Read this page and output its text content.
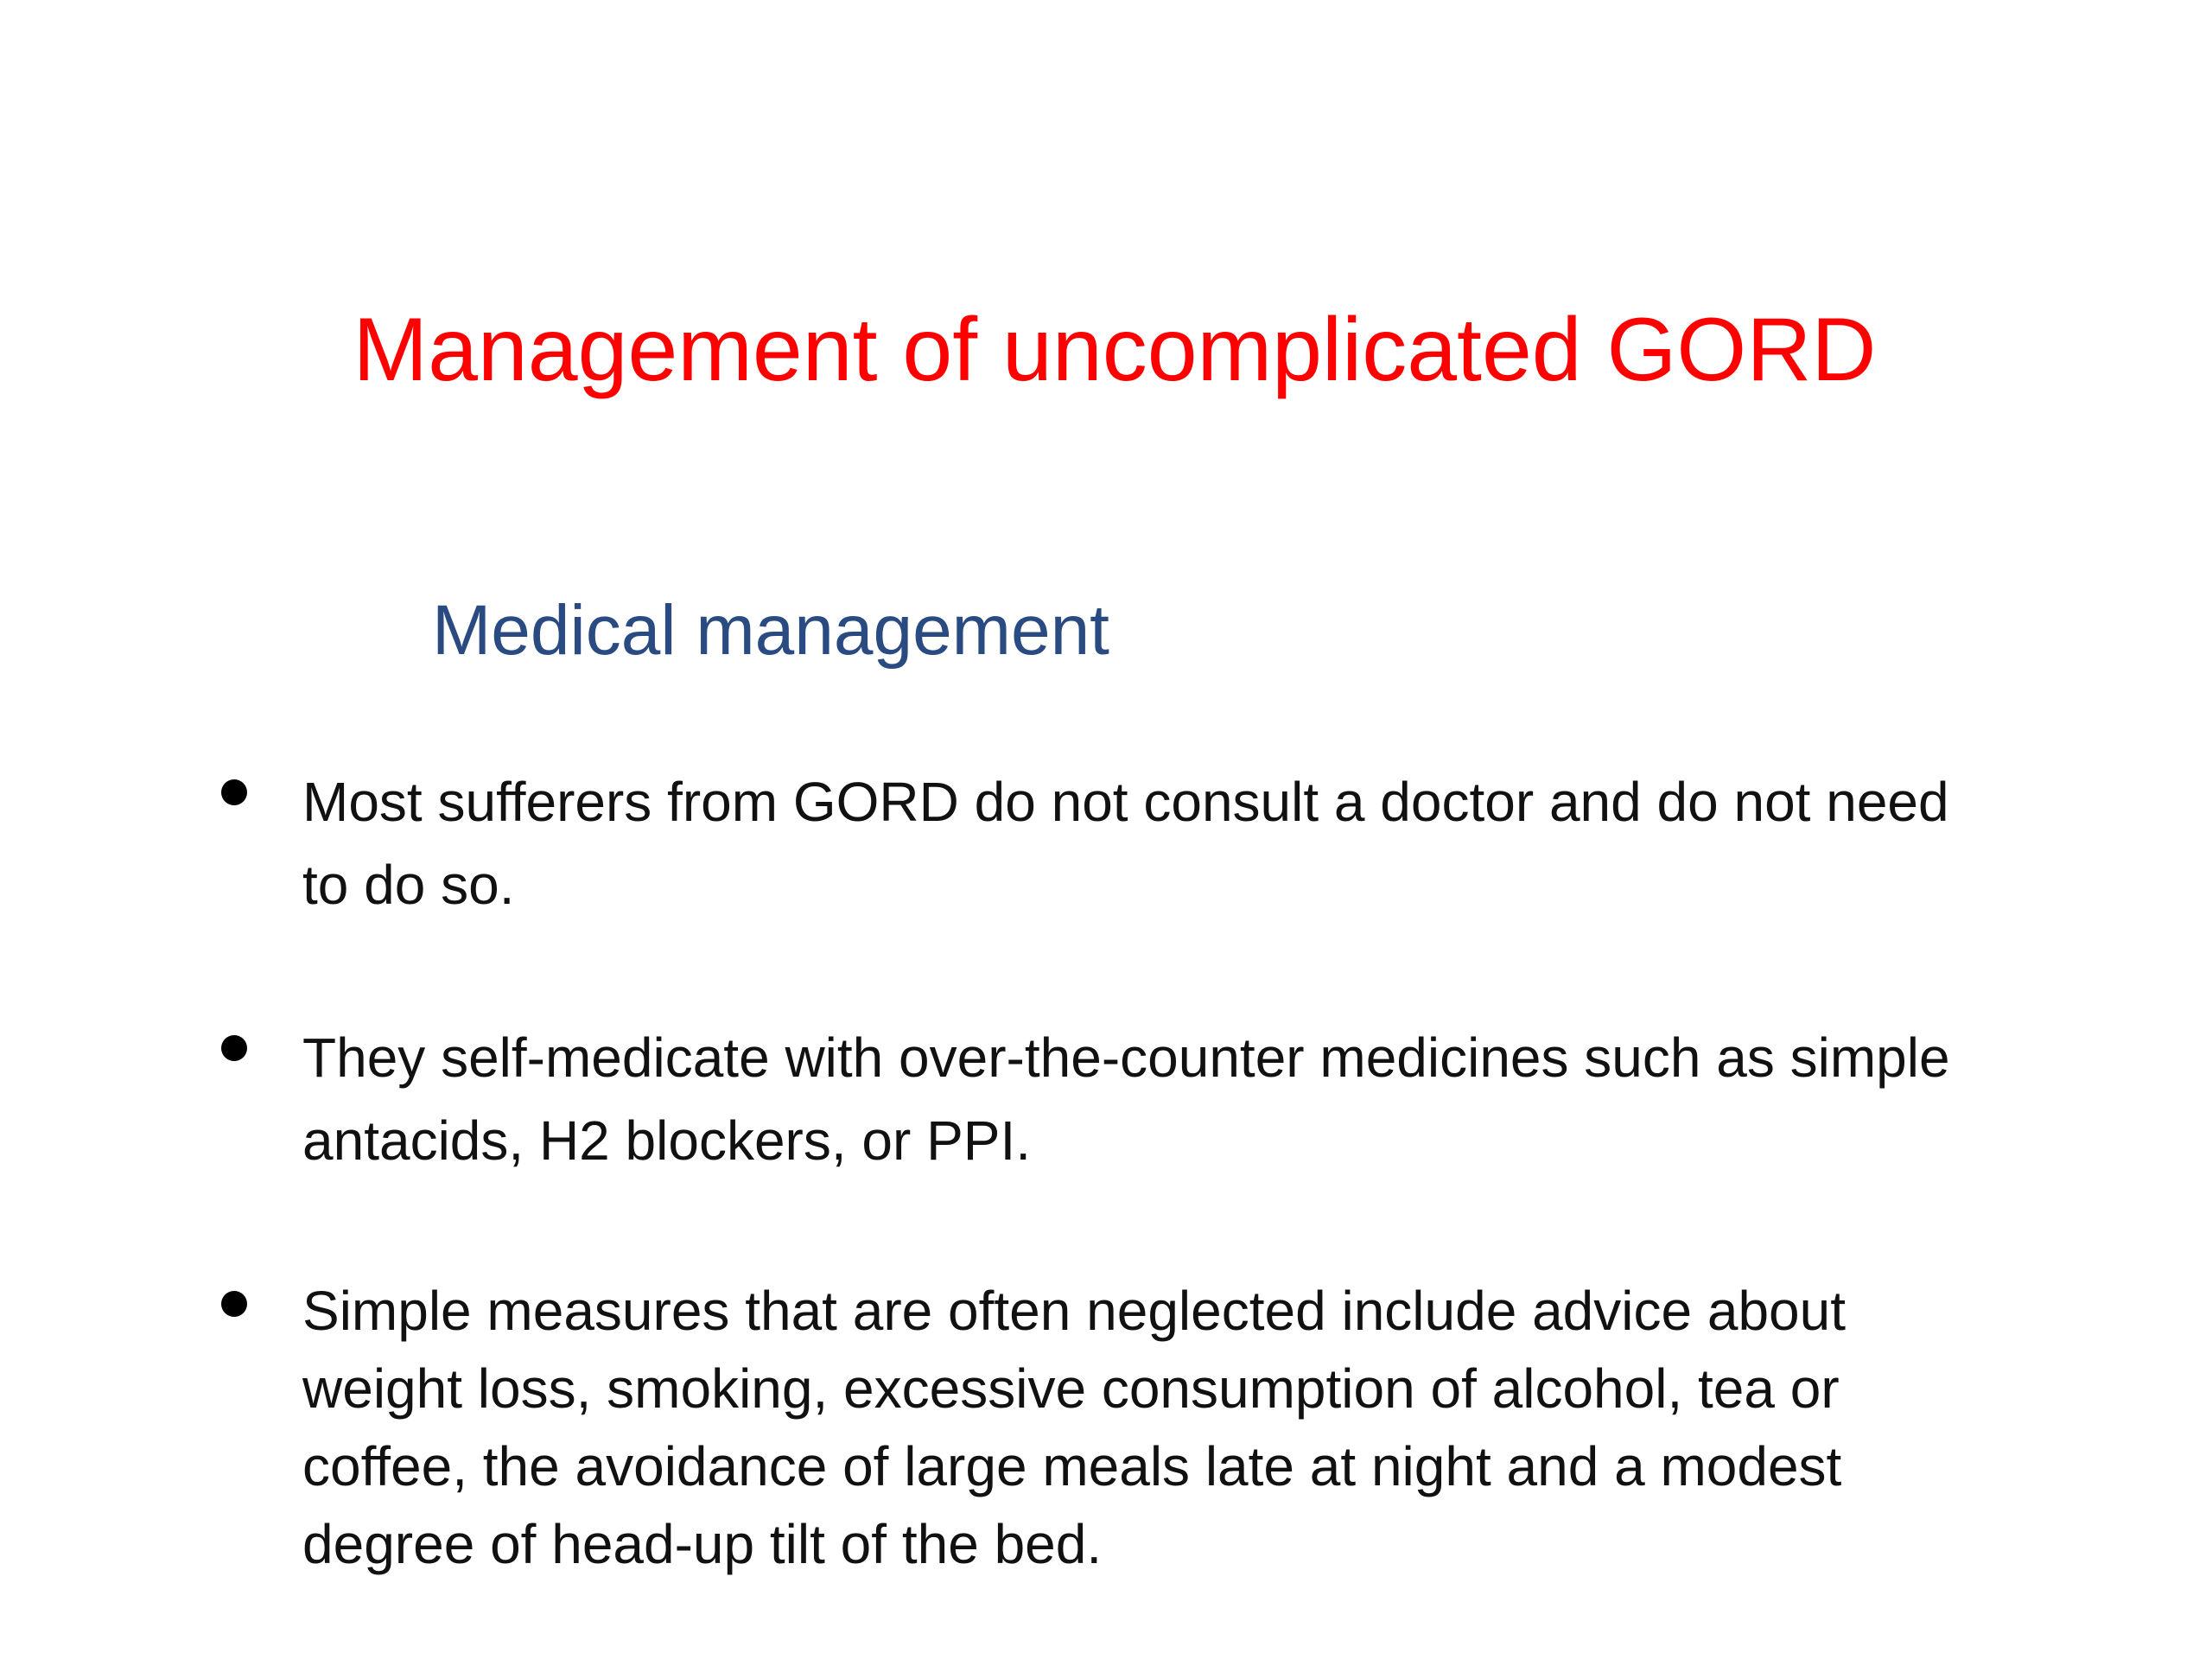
Management of uncomplicated GORD
Medical management
Most sufferers from GORD do not consult a doctor and do not need to do so.
They self-medicate with over-the-counter medicines such as simple antacids, H2 blockers, or PPI.
Simple measures that are often neglected include advice about weight loss, smoking, excessive consumption of alcohol, tea or coffee, the avoidance of large meals late at night and a modest degree of head-up tilt of the bed.
